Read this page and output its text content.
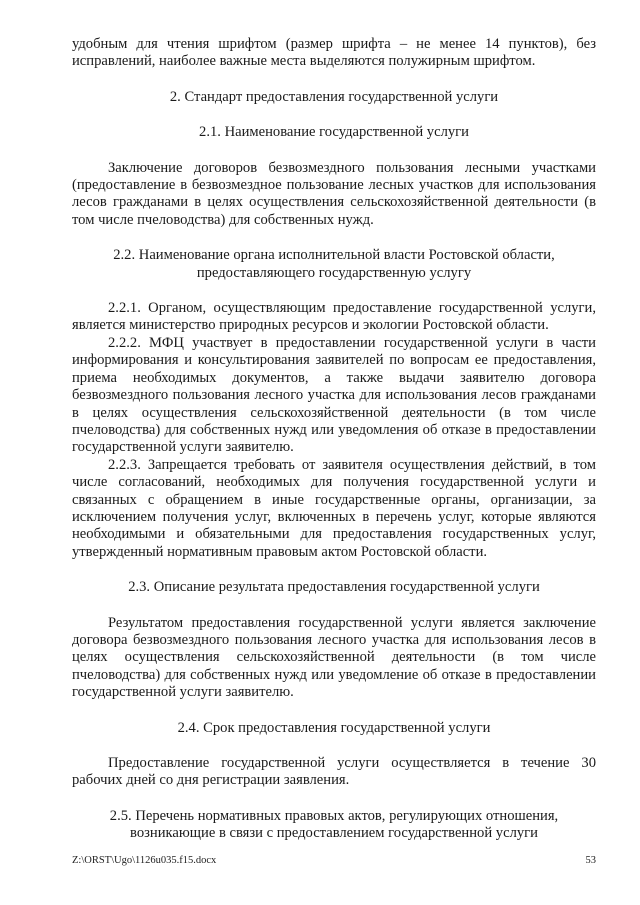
удобным для чтения шрифтом (размер шрифта – не менее 14 пунктов), без исправлений, наиболее важные места выделяются полужирным шрифтом.

2. Стандарт предоставления государственной услуги

2.1. Наименование государственной услуги

Заключение договоров безвозмездного пользования лесными участками (предоставление в безвозмездное пользование лесных участков для использования лесов гражданами в целях осуществления сельскохозяйственной деятельности (в том числе пчеловодства) для собственных нужд.

2.2. Наименование органа исполнительной власти Ростовской области,

предоставляющего государственную услугу

2.2.1. Органом, осуществляющим предоставление государственной услуги, является министерство природных ресурсов и экологии Ростовской области.

2.2.2. МФЦ участвует в предоставлении государственной услуги в части информирования и консультирования заявителей по вопросам ее предоставления, приема необходимых документов, а также выдачи заявителю договора безвозмездного пользования лесного участка для использования лесов гражданами в целях осуществления сельскохозяйственной деятельности (в том числе пчеловодства) для собственных нужд или уведомления об отказе в предоставлении государственной услуги заявителю.

2.2.3. Запрещается требовать от заявителя осуществления действий, в том числе согласований, необходимых для получения государственной услуги и связанных с обращением в иные государственные органы, организации, за исключением получения услуг, включенных в перечень услуг, которые являются необходимыми и обязательными для предоставления государственных услуг, утвержденный нормативным правовым актом Ростовской области.

2.3. Описание результата предоставления государственной услуги

Результатом предоставления государственной услуги является заключение договора безвозмездного пользования лесного участка для использования лесов в целях осуществления сельскохозяйственной деятельности (в том числе пчеловодства) для собственных нужд или уведомление об отказе в предоставлении государственной услуги заявителю.

2.4. Срок предоставления государственной услуги

Предоставление государственной услуги осуществляется в течение 30 рабочих дней со дня регистрации заявления.

2.5. Перечень нормативных правовых актов, регулирующих отношения,

возникающие в связи с предоставлением государственной услуги

Z:\ORST\Ugo\1126u035.f15.docx	53
